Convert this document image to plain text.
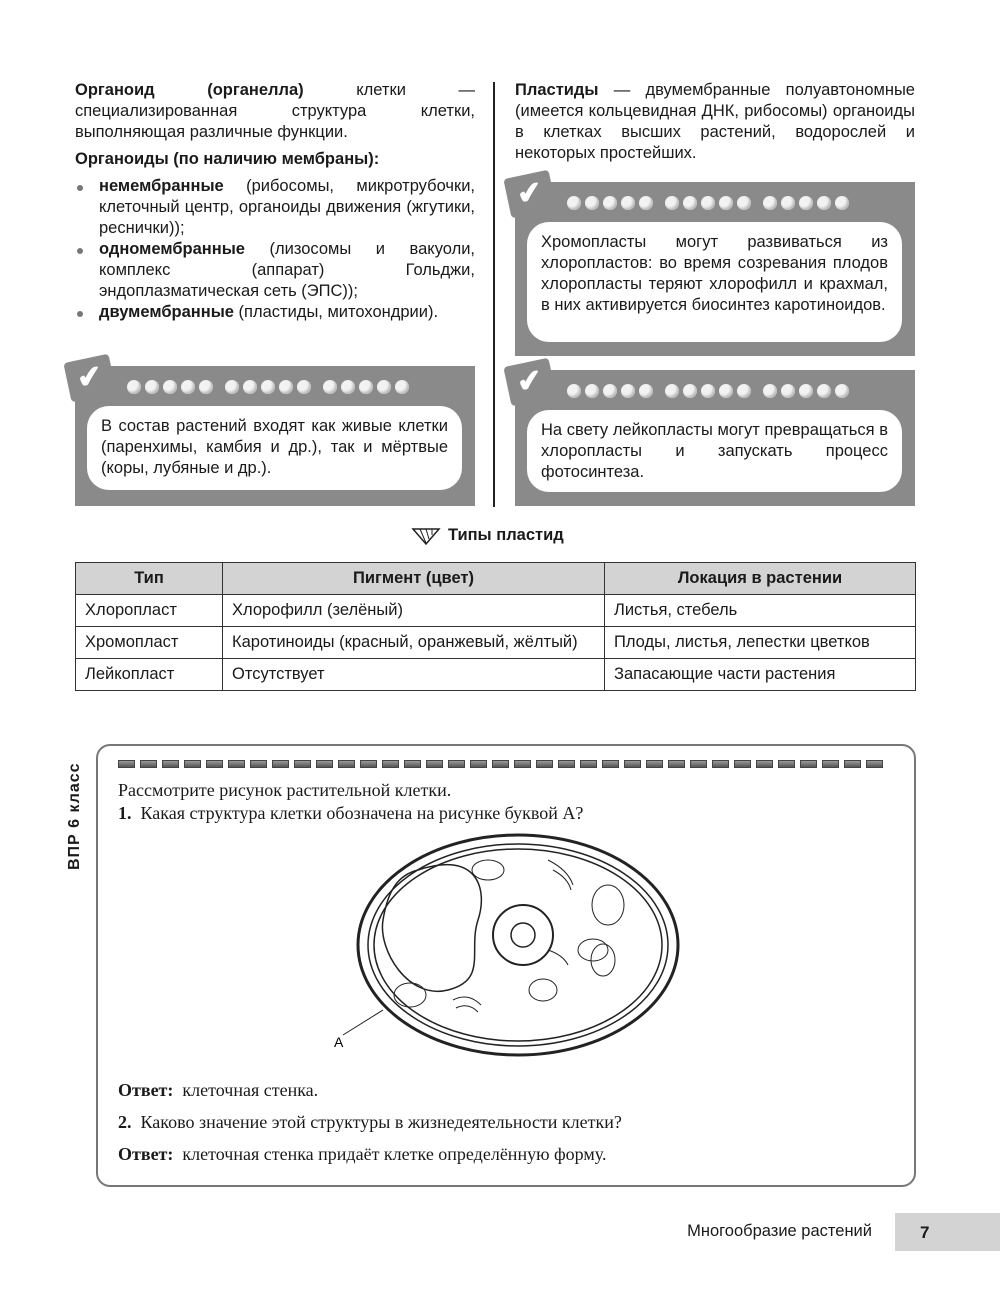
Органоид (органелла) клетки — специализированная структура клетки, выполняющая различные функции.

Органоиды (по наличию мембраны):

немембранные (рибосомы, микротрубочки, клеточный центр, органоиды движения (жгутики, реснички));
одномембранные (лизосомы и вакуоли, комплекс (аппарат) Гольджи, эндоплазматическая сеть (ЭПС));
двумембранные (пластиды, митохондрии).

Пластиды — двумембранные полуавтономные (имеется кольцевидная ДНК, рибосомы) органоиды в клетках высших растений, водорослей и некоторых простейших.

✔
В состав растений входят как живые клетки (паренхимы, камбия и др.), так и мёртвые (коры, лубяные и др.).
✔
Хромопласты могут развиваться из хлоропластов: во время созревания плодов хлоропласты теряют хлорофилл и крахмал, в них активируется биосинтез каротиноидов.
✔
На свету лейкопласты могут превращаться в хлоропласты и запускать процесс фотосинтеза.
Типы пластид
Тип	Пигмент (цвет)	Локация в растении
Хлоропласт	Хлорофилл (зелёный)	Листья, стебель
Хромопласт	Каротиноиды (красный, оранжевый, жёлтый)	Плоды, листья, лепестки цветков
Лейкопласт	Отсутствует	Запасающие части растения
ВПР 6 класс Рассмотрите рисунок растительной клетки.
1. Какая структура клетки обозначена на рисунке буквой А?
А
Ответ: клеточная стенка.
2. Каково значение этой структуры в жизнедеятельности клетки?
Ответ: клеточная стенка придаёт клетке определённую форму.
Многообразие растений	7
